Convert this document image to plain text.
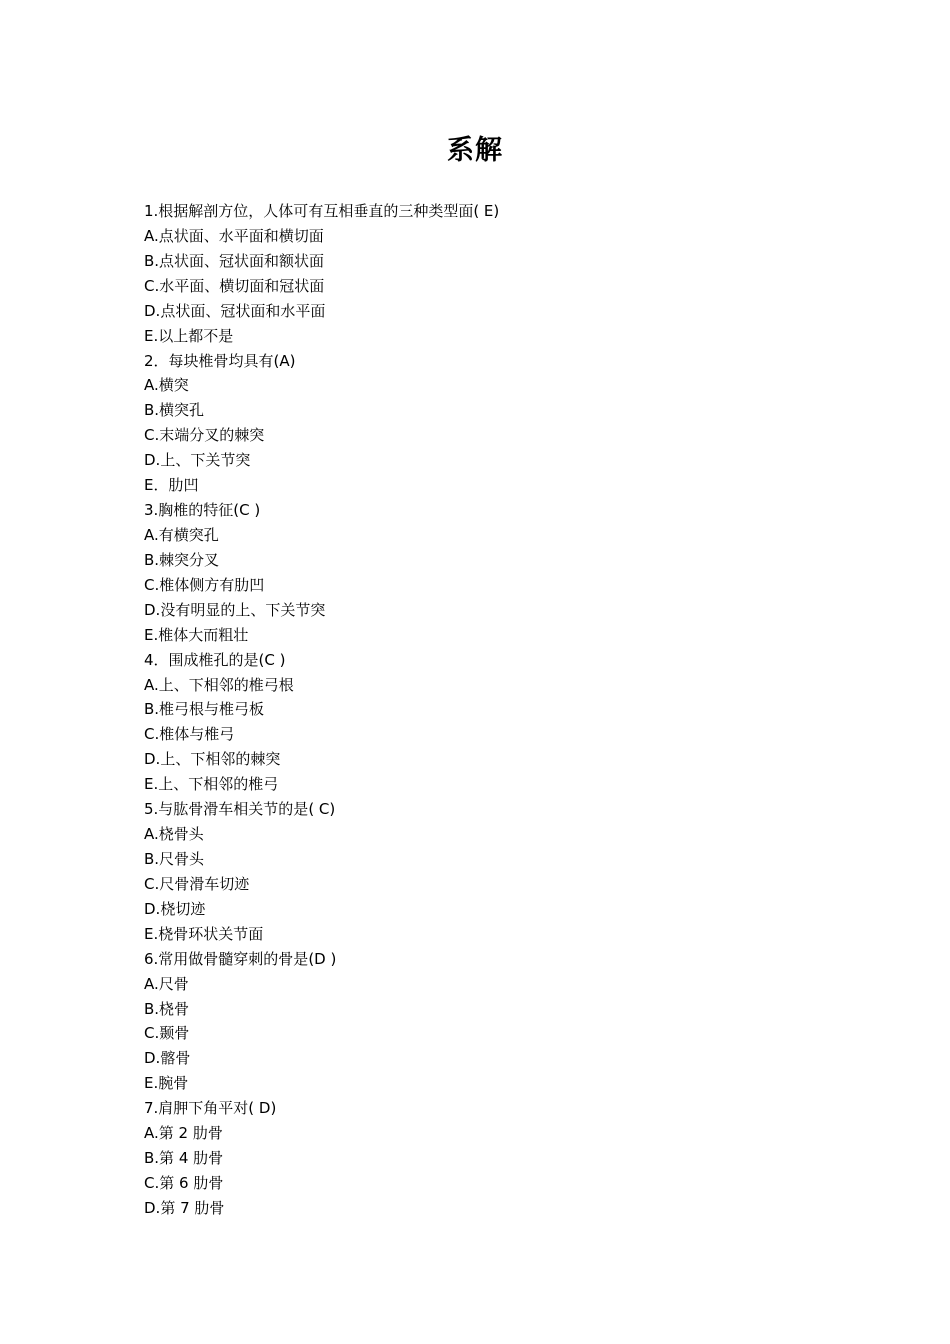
系解
1.根据解剖方位，人体可有互相垂直的三种类型面( E)
A.点状面、水平面和横切面
B.点状面、冠状面和额状面
C.水平面、横切面和冠状面
D.点状面、冠状面和水平面
E.以上都不是
2．每块椎骨均具有(A)
A.横突
B.横突孔
C.末端分叉的棘突
D.上、下关节突
E．肋凹
3.胸椎的特征(C )
A.有横突孔
B.棘突分叉
C.椎体侧方有肋凹
D.没有明显的上、下关节突
E.椎体大而粗壮
4．围成椎孔的是(C )
A.上、下相邻的椎弓根
B.椎弓根与椎弓板
C.椎体与椎弓
D.上、下相邻的棘突
E.上、下相邻的椎弓
5.与肱骨滑车相关节的是( C)
A.桡骨头
B.尺骨头
C.尺骨滑车切迹
D.桡切迹
E.桡骨环状关节面
6.常用做骨髓穿刺的骨是(D )
A.尺骨
B.桡骨
C.颞骨
D.髂骨
E.腕骨
7.肩胛下角平对( D)
A.第 2 肋骨
B.第 4 肋骨
C.第 6 肋骨
D.第 7 肋骨
